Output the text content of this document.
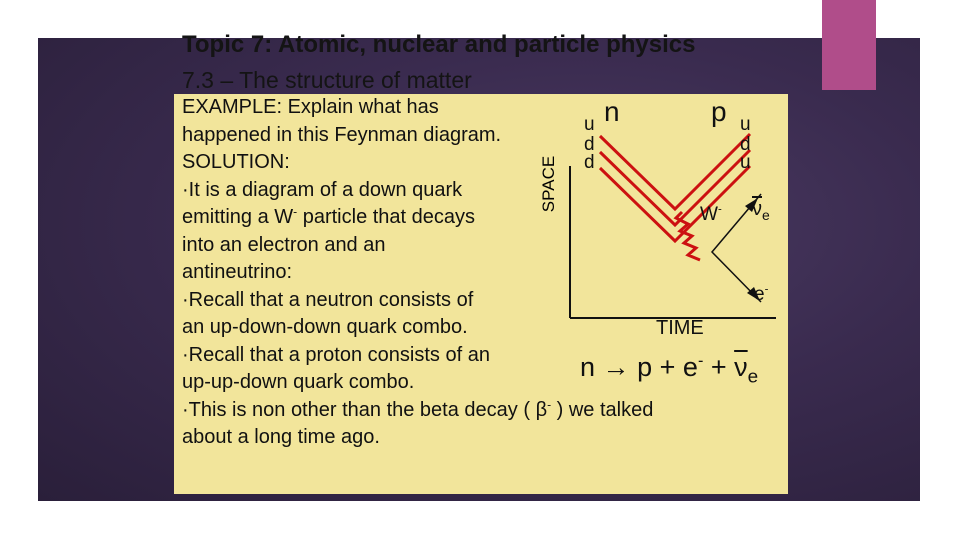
Topic 7: Atomic, nuclear and particle physics
7.3 – The structure of matter
EXAMPLE: Explain what has
happened in this Feynman diagram.
SOLUTION:
·It is a diagram of a down quark
emitting a W- particle that decays
into an electron and an
antineutrino:
·Recall that a neutron consists of
an up-down-down quark combo.
·Recall that a proton consists of an
up-up-down quark combo.
·This is non other than the beta decay ( β- ) we talked
about a long time ago.
SPACE
TIME
n	p
u
d
d
u
d
u
W- $\overline{\nu}_e$
e-
$n \to p + e^- + \overline{\nu}_e$
